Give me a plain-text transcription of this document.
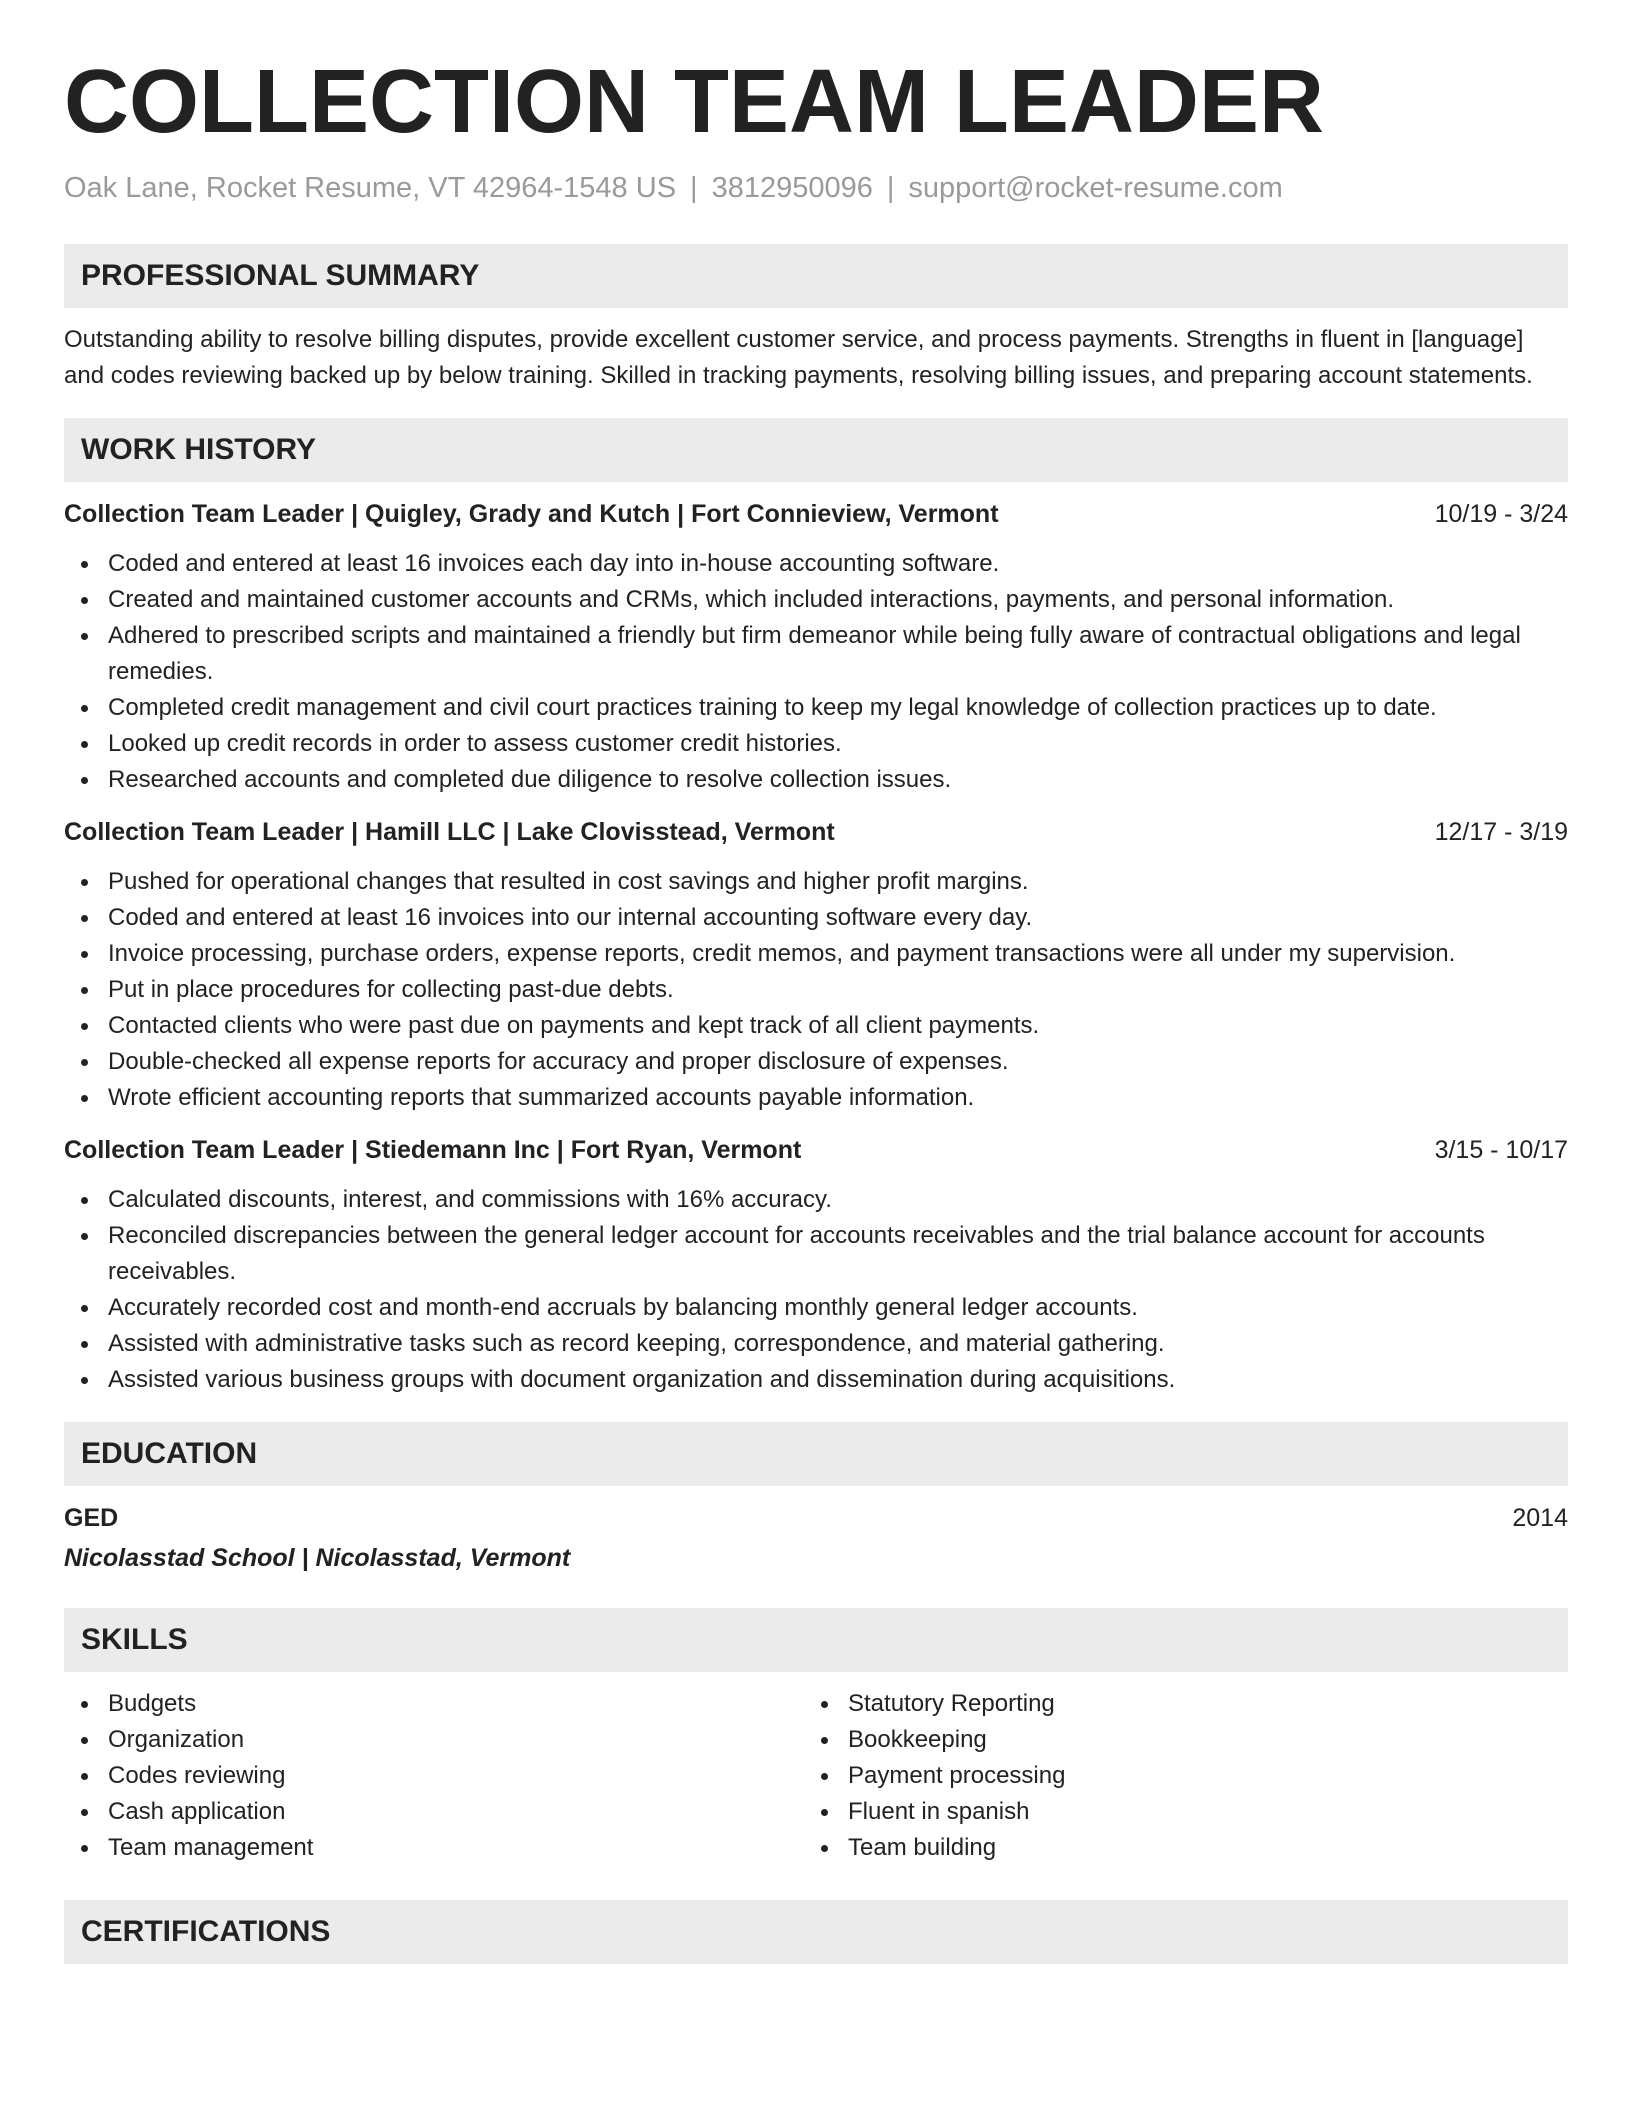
COLLECTION TEAM LEADER
Oak Lane, Rocket Resume, VT 42964-1548 US | 3812950096 | support@rocket-resume.com
PROFESSIONAL SUMMARY

Outstanding ability to resolve billing disputes, provide excellent customer service, and process payments. Strengths in fluent in [language] and codes reviewing backed up by below training. Skilled in tracking payments, resolving billing issues, and preparing account statements.

WORK HISTORY
Collection Team Leader | Quigley, Grady and Kutch | Fort Connieview, Vermont	10/19 - 3/24
Coded and entered at least 16 invoices each day into in-house accounting software.
Created and maintained customer accounts and CRMs, which included interactions, payments, and personal information.
Adhered to prescribed scripts and maintained a friendly but firm demeanor while being fully aware of contractual obligations and legal remedies.
Completed credit management and civil court practices training to keep my legal knowledge of collection practices up to date.
Looked up credit records in order to assess customer credit histories.
Researched accounts and completed due diligence to resolve collection issues.
Collection Team Leader | Hamill LLC | Lake Clovisstead, Vermont	12/17 - 3/19
Pushed for operational changes that resulted in cost savings and higher profit margins.
Coded and entered at least 16 invoices into our internal accounting software every day.
Invoice processing, purchase orders, expense reports, credit memos, and payment transactions were all under my supervision.
Put in place procedures for collecting past-due debts.
Contacted clients who were past due on payments and kept track of all client payments.
Double-checked all expense reports for accuracy and proper disclosure of expenses.
Wrote efficient accounting reports that summarized accounts payable information.
Collection Team Leader | Stiedemann Inc | Fort Ryan, Vermont	3/15 - 10/17
Calculated discounts, interest, and commissions with 16% accuracy.
Reconciled discrepancies between the general ledger account for accounts receivables and the trial balance account for accounts receivables.
Accurately recorded cost and month-end accruals by balancing monthly general ledger accounts.
Assisted with administrative tasks such as record keeping, correspondence, and material gathering.
Assisted various business groups with document organization and dissemination during acquisitions.
EDUCATION
GED	2014
Nicolasstad School | Nicolasstad, Vermont
SKILLS
Budgets
Organization
Codes reviewing
Cash application
Team management
Statutory Reporting
Bookkeeping
Payment processing
Fluent in spanish
Team building
CERTIFICATIONS
